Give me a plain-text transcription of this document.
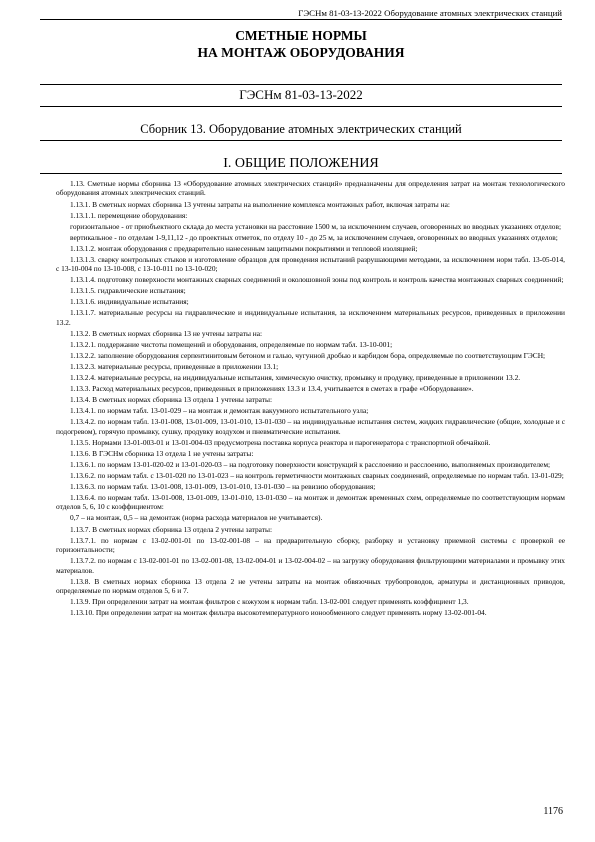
ГЭСНм 81-03-13-2022 Оборудование атомных электрических станций
СМЕТНЫЕ НОРМЫ
НА МОНТАЖ ОБОРУДОВАНИЯ
ГЭСНм 81-03-13-2022
Сборник 13. Оборудование атомных электрических станций
I. ОБЩИЕ ПОЛОЖЕНИЯ

1.13. Сметные нормы сборника 13 «Оборудование атомных электрических станций» предназначены для определения затрат на монтаж технологического оборудования атомных электрических станций.

1.13.1. В сметных нормах сборника 13 учтены затраты на выполнение комплекса монтажных работ, включая затраты на:

1.13.1.1. перемещение оборудования:

горизонтальное - от приобъектного склада до места установки на расстояние 1500 м, за исключением случаев, оговоренных во вводных указаниях отделов;

вертикальное - по отделам 1-9,11,12 - до проектных отметок, по отделу 10 - до 25 м, за исключением случаев, оговоренных во вводных указаниях отделов;

1.13.1.2. монтаж оборудования с предварительно нанесенным защитными покрытиями и тепловой изоляцией;

1.13.1.3. сварку контрольных стыков и изготовление образцов для проведения испытаний разрушающими методами, за исключением норм табл. 13-05-014, с 13-10-004 по 13-10-008, с 13-10-011 по 13-10-020;

1.13.1.4. подготовку поверхности монтажных сварных соединений и околошовной зоны под контроль и контроль качества монтажных сварных соединений;

1.13.1.5. гидравлические испытания;

1.13.1.6. индивидуальные испытания;

1.13.1.7. материальные ресурсы на гидравлические и индивидуальные испытания, за исключением материальных ресурсов, приведенных в приложении 13.2.

1.13.2. В сметных нормах сборника 13 не учтены затраты на:

1.13.2.1. поддержание чистоты помещений и оборудования, определяемые по нормам табл. 13-10-001;

1.13.2.2. заполнение оборудования серпентинитовым бетоном и галью, чугунной дробью и карбидом бора, определяемые по соответствующим ГЭСН;

1.13.2.3. материальные ресурсы, приведенные в приложении 13.1;

1.13.2.4. материальные ресурсы, на индивидуальные испытания, химическую очистку, промывку и продувку, приведенные в приложении 13.2.

1.13.3. Расход материальных ресурсов, приведенных в приложениях 13.3 и 13.4, учитывается в сметах в графе «Оборудование».

1.13.4. В сметных нормах сборника 13 отдела 1 учтены затраты:

1.13.4.1. по нормам табл. 13-01-029 – на монтаж и демонтаж вакуумного испытательного узла;

1.13.4.2. по нормам табл. 13-01-008, 13-01-009, 13-01-010, 13-01-030 – на индивидуальные испытания систем, жидких гидравлические (общие, холодные и с подогревом), горячую промывку, сушку, продувку воздухом и пневматические испытания.

1.13.5. Нормами 13-01-003-01 и 13-01-004-03 предусмотрена поставка корпуса реактора и парогенератора с транспортной обечайкой.

1.13.6. В ГЭСНм сборника 13 отдела 1 не учтены затраты:

1.13.6.1. по нормам 13-01-020-02 и 13-01-020-03 – на подготовку поверхности конструкций к расслоению и расслоению, выполняемых производителем;

1.13.6.2. по нормам табл. с 13-01-020 по 13-01-023 – на контроль герметичности монтажных сварных соединений, определяемые по нормам табл. 13-01-029;

1.13.6.3. по нормам табл. 13-01-008, 13-01-009, 13-01-010, 13-01-030 – на ревизию оборудования;

1.13.6.4. по нормам табл. 13-01-008, 13-01-009, 13-01-010, 13-01-030 – на монтаж и демонтаж временных схем, определяемые по соответствующим нормам отделов 5, 6, 10 с коэффициентом:

0,7 – на монтаж, 0,5 – на демонтаж (норма расхода материалов не учитывается).

1.13.7. В сметных нормах сборника 13 отдела 2 учтены затраты:

1.13.7.1. по нормам с 13-02-001-01 по 13-02-001-08 – на предварительную сборку, разборку и установку приемной системы с проверкой ее горизонтальности;

1.13.7.2. по нормам с 13-02-001-01 по 13-02-001-08, 13-02-004-01 и 13-02-004-02 – на загрузку оборудования фильтрующими материалами и промывку этих материалов.

1.13.8. В сметных нормах сборника 13 отдела 2 не учтены затраты на монтаж обвязочных трубопроводов, арматуры и дистанционных приводов, определяемые по нормам отделов 5, 6 и 7.

1.13.9. При определении затрат на монтаж фильтров с кожухом к нормам табл. 13-02-001 следует применять коэффициент 1,3.

1.13.10. При определении затрат на монтаж фильтра высокотемпературного ионообменного следует применять норму 13-02-001-04.

1176
